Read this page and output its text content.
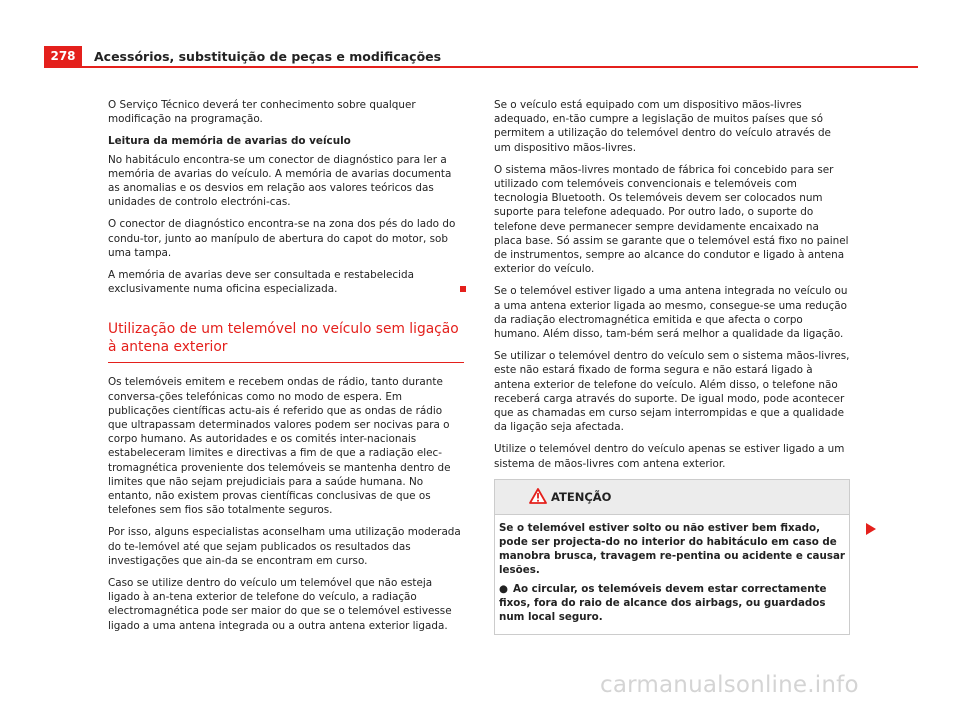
278	Acessórios, substituição de peças e modificações

O Serviço Técnico deverá ter conhecimento sobre qualquer modificação na programação.

Leitura da memória de avarias do veículo

No habitáculo encontra-se um conector de diagnóstico para ler a memória de avarias do veículo. A memória de avarias documenta as anomalias e os desvios em relação aos valores teóricos das unidades de controlo electróni-cas.

O conector de diagnóstico encontra-se na zona dos pés do lado do condu-tor, junto ao manípulo de abertura do capot do motor, sob uma tampa.

A memória de avarias deve ser consultada e restabelecida exclusivamente numa oficina especializada.

Utilização de um telemóvel no veículo sem ligação à antena exterior

Os telemóveis emitem e recebem ondas de rádio, tanto durante conversa-ções telefónicas como no modo de espera. Em publicações científicas actu-ais é referido que as ondas de rádio que ultrapassam determinados valores podem ser nocivas para o corpo humano. As autoridades e os comités inter-nacionais estabeleceram limites e directivas a fim de que a radiação elec-tromagnética proveniente dos telemóveis se mantenha dentro de limites que não sejam prejudiciais para a saúde humana. No entanto, não existem provas científicas conclusivas de que os telefones sem fios são totalmente seguros.

Por isso, alguns especialistas aconselham uma utilização moderada do te-lemóvel até que sejam publicados os resultados das investigações que ain-da se encontram em curso.

Caso se utilize dentro do veículo um telemóvel que não esteja ligado à an-tena exterior de telefone do veículo, a radiação electromagnética pode ser maior do que se o telemóvel estivesse ligado a uma antena integrada ou a outra antena exterior ligada.

Se o veículo está equipado com um dispositivo mãos-livres adequado, en-tão cumpre a legislação de muitos países que só permitem a utilização do telemóvel dentro do veículo através de um dispositivo mãos-livres.

O sistema mãos-livres montado de fábrica foi concebido para ser utilizado com telemóveis convencionais e telemóveis com tecnologia Bluetooth. Os telemóveis devem ser colocados num suporte para telefone adequado. Por outro lado, o suporte do telefone deve permanecer sempre devidamente encaixado na placa base. Só assim se garante que o telemóvel está fixo no painel de instrumentos, sempre ao alcance do condutor e ligado à antena exterior do veículo.

Se o telemóvel estiver ligado a uma antena integrada no veículo ou a uma antena exterior ligada ao mesmo, consegue-se uma redução da radiação electromagnética emitida e que afecta o corpo humano. Além disso, tam-bém será melhor a qualidade da ligação.

Se utilizar o telemóvel dentro do veículo sem o sistema mãos-livres, este não estará fixado de forma segura e não estará ligado à antena exterior de telefone do veículo. Além disso, o telefone não receberá carga através do suporte. De igual modo, pode acontecer que as chamadas em curso sejam interrompidas e que a qualidade da ligação seja afectada.

Utilize o telemóvel dentro do veículo apenas se estiver ligado a um sistema de mãos-livres com antena exterior.

ATENÇÃO

Se o telemóvel estiver solto ou não estiver bem fixado, pode ser projecta-do no interior do habitáculo em caso de manobra brusca, travagem re-pentina ou acidente e causar lesões.

● Ao circular, os telemóveis devem estar correctamente fixos, fora do raio de alcance dos airbags, ou guardados num local seguro.

carmanualsonline.info
